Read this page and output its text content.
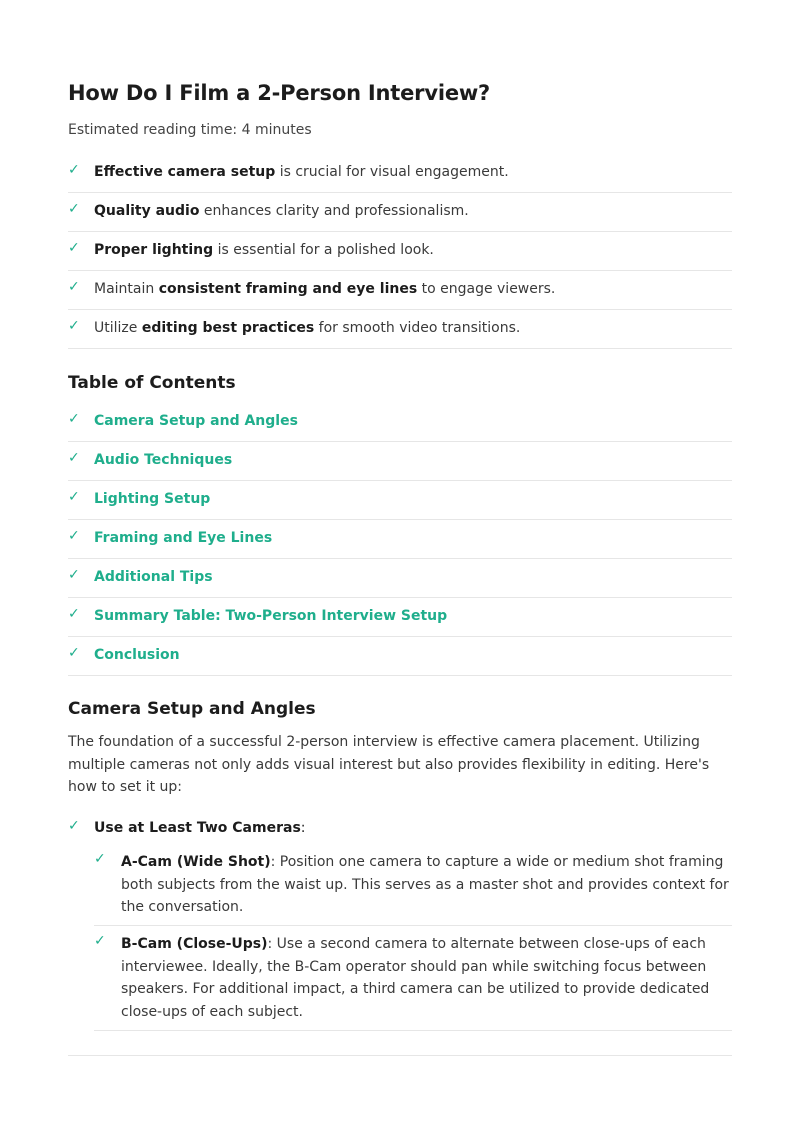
How Do I Film a 2-Person Interview?

Estimated reading time: 4 minutes

✓ Effective camera setup is crucial for visual engagement.
✓ Quality audio enhances clarity and professionalism.
✓ Proper lighting is essential for a polished look.
✓ Maintain consistent framing and eye lines to engage viewers.
✓ Utilize editing best practices for smooth video transitions.
Table of Contents
✓ Camera Setup and Angles
✓ Audio Techniques
✓ Lighting Setup
✓ Framing and Eye Lines
✓ Additional Tips
✓ Summary Table: Two-Person Interview Setup
✓ Conclusion
Camera Setup and Angles

The foundation of a successful 2-person interview is effective camera placement. Utilizing multiple cameras not only adds visual interest but also provides flexibility in editing. Here's how to set it up:

✓ Use at Least Two Cameras:
✓ A-Cam (Wide Shot): Position one camera to capture a wide or medium shot framing both subjects from the waist up. This serves as a master shot and provides context for the conversation.

✓ B-Cam (Close-Ups): Use a second camera to alternate between close-ups of each interviewee. Ideally, the B-Cam operator should pan while switching focus between speakers. For additional impact, a third camera can be utilized to provide dedicated close-ups of each subject.
